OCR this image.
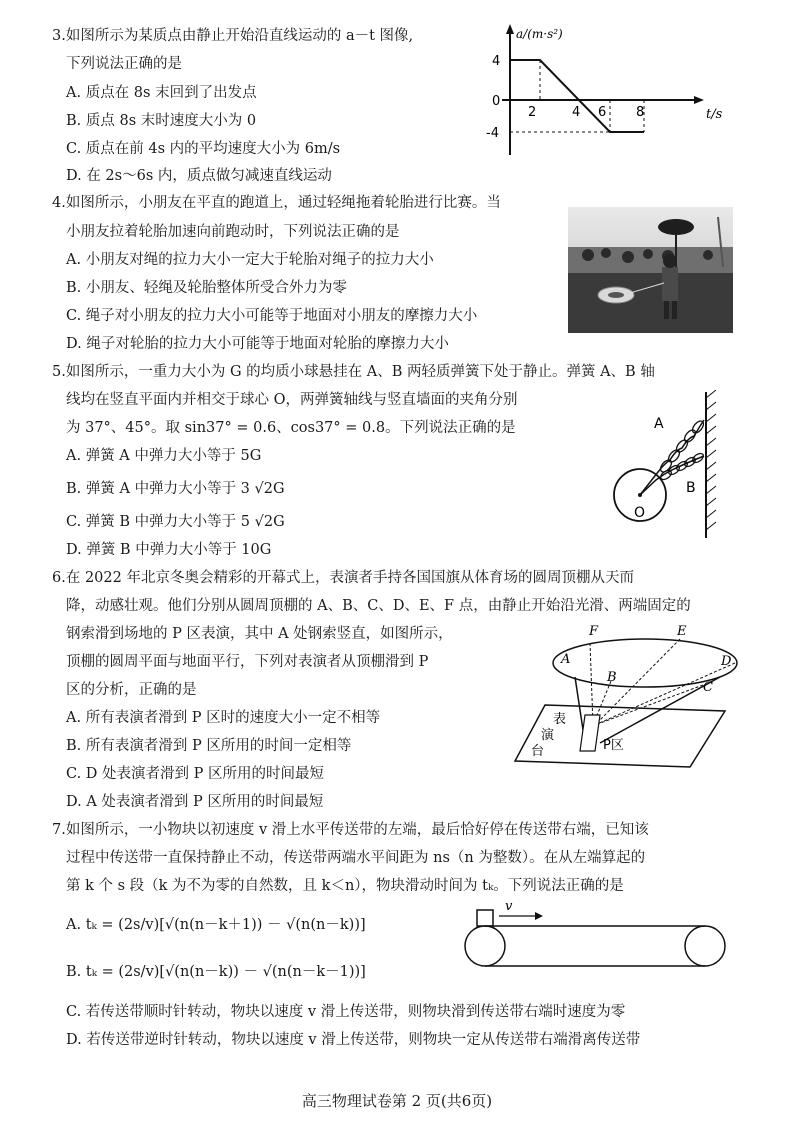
3.如图所示为某质点由静止开始沿直线运动的 a－t 图像,
下列说法正确的是
A. 质点在 8s 末回到了出发点
B. 质点 8s 末时速度大小为 0
C. 质点在前 4s 内的平均速度大小为 6m/s
D. 在 2s～6s 内，质点做匀减速直线运动
a/(m·s²)
t/s
4
0
-4
2	4 6 8
4.如图所示，小朋友在平直的跑道上，通过轻绳拖着轮胎进行比赛。当
小朋友拉着轮胎加速向前跑动时，下列说法正确的是
A. 小朋友对绳的拉力大小一定大于轮胎对绳子的拉力大小
B. 小朋友、轻绳及轮胎整体所受合外力为零
C. 绳子对小朋友的拉力大小可能等于地面对小朋友的摩擦力大小
D. 绳子对轮胎的拉力大小可能等于地面对轮胎的摩擦力大小
5.如图所示，一重力大小为 G 的均质小球悬挂在 A、B 两轻质弹簧下处于静止。弹簧 A、B 轴
线均在竖直平面内并相交于球心 O，两弹簧轴线与竖直墙面的夹角分别
为 37°、45°。取 sin37° = 0.6、cos37° = 0.8。下列说法正确的是
A. 弹簧 A 中弹力大小等于 5G
B. 弹簧 A 中弹力大小等于 3 √2G
C. 弹簧 B 中弹力大小等于 5 √2G
D. 弹簧 B 中弹力大小等于 10G
A
B
O
6.在 2022 年北京冬奥会精彩的开幕式上，表演者手持各国国旗从体育场的圆周顶棚从天而
降，动感壮观。他们分别从圆周顶棚的 A、B、C、D、E、F 点，由静止开始沿光滑、两端固定的
钢索滑到场地的 P 区表演，其中 A 处钢索竖直，如图所示，
顶棚的圆周平面与地面平行，下列对表演者从顶棚滑到 P
区的分析，正确的是
A. 所有表演者滑到 P 区时的速度大小一定不相等
B. 所有表演者滑到 P 区所用的时间一定相等
C. D 处表演者滑到 P 区所用的时间最短
D. A 处表演者滑到 P 区所用的时间最短
F	E
A
B
C
D
表
演
台	P区
7.如图所示，一小物块以初速度 v 滑上水平传送带的左端，最后恰好停在传送带右端，已知该
过程中传送带一直保持静止不动，传送带两端水平间距为 ns（n 为整数）。在从左端算起的
第 k 个 s 段（k 为不为零的自然数，且 k＜n），物块滑动时间为 tₖ。下列说法正确的是
A. tₖ = (2s/v)[√(n(n－k＋1)) － √(n(n－k))]
B. tₖ = (2s/v)[√(n(n－k)) － √(n(n－k－1))]
C. 若传送带顺时针转动，物块以速度 v 滑上传送带，则物块滑到传送带右端时速度为零
D. 若传送带逆时针转动，物块以速度 v 滑上传送带，则物块一定从传送带右端滑离传送带
v
高三物理试卷第 2 页(共6页)
